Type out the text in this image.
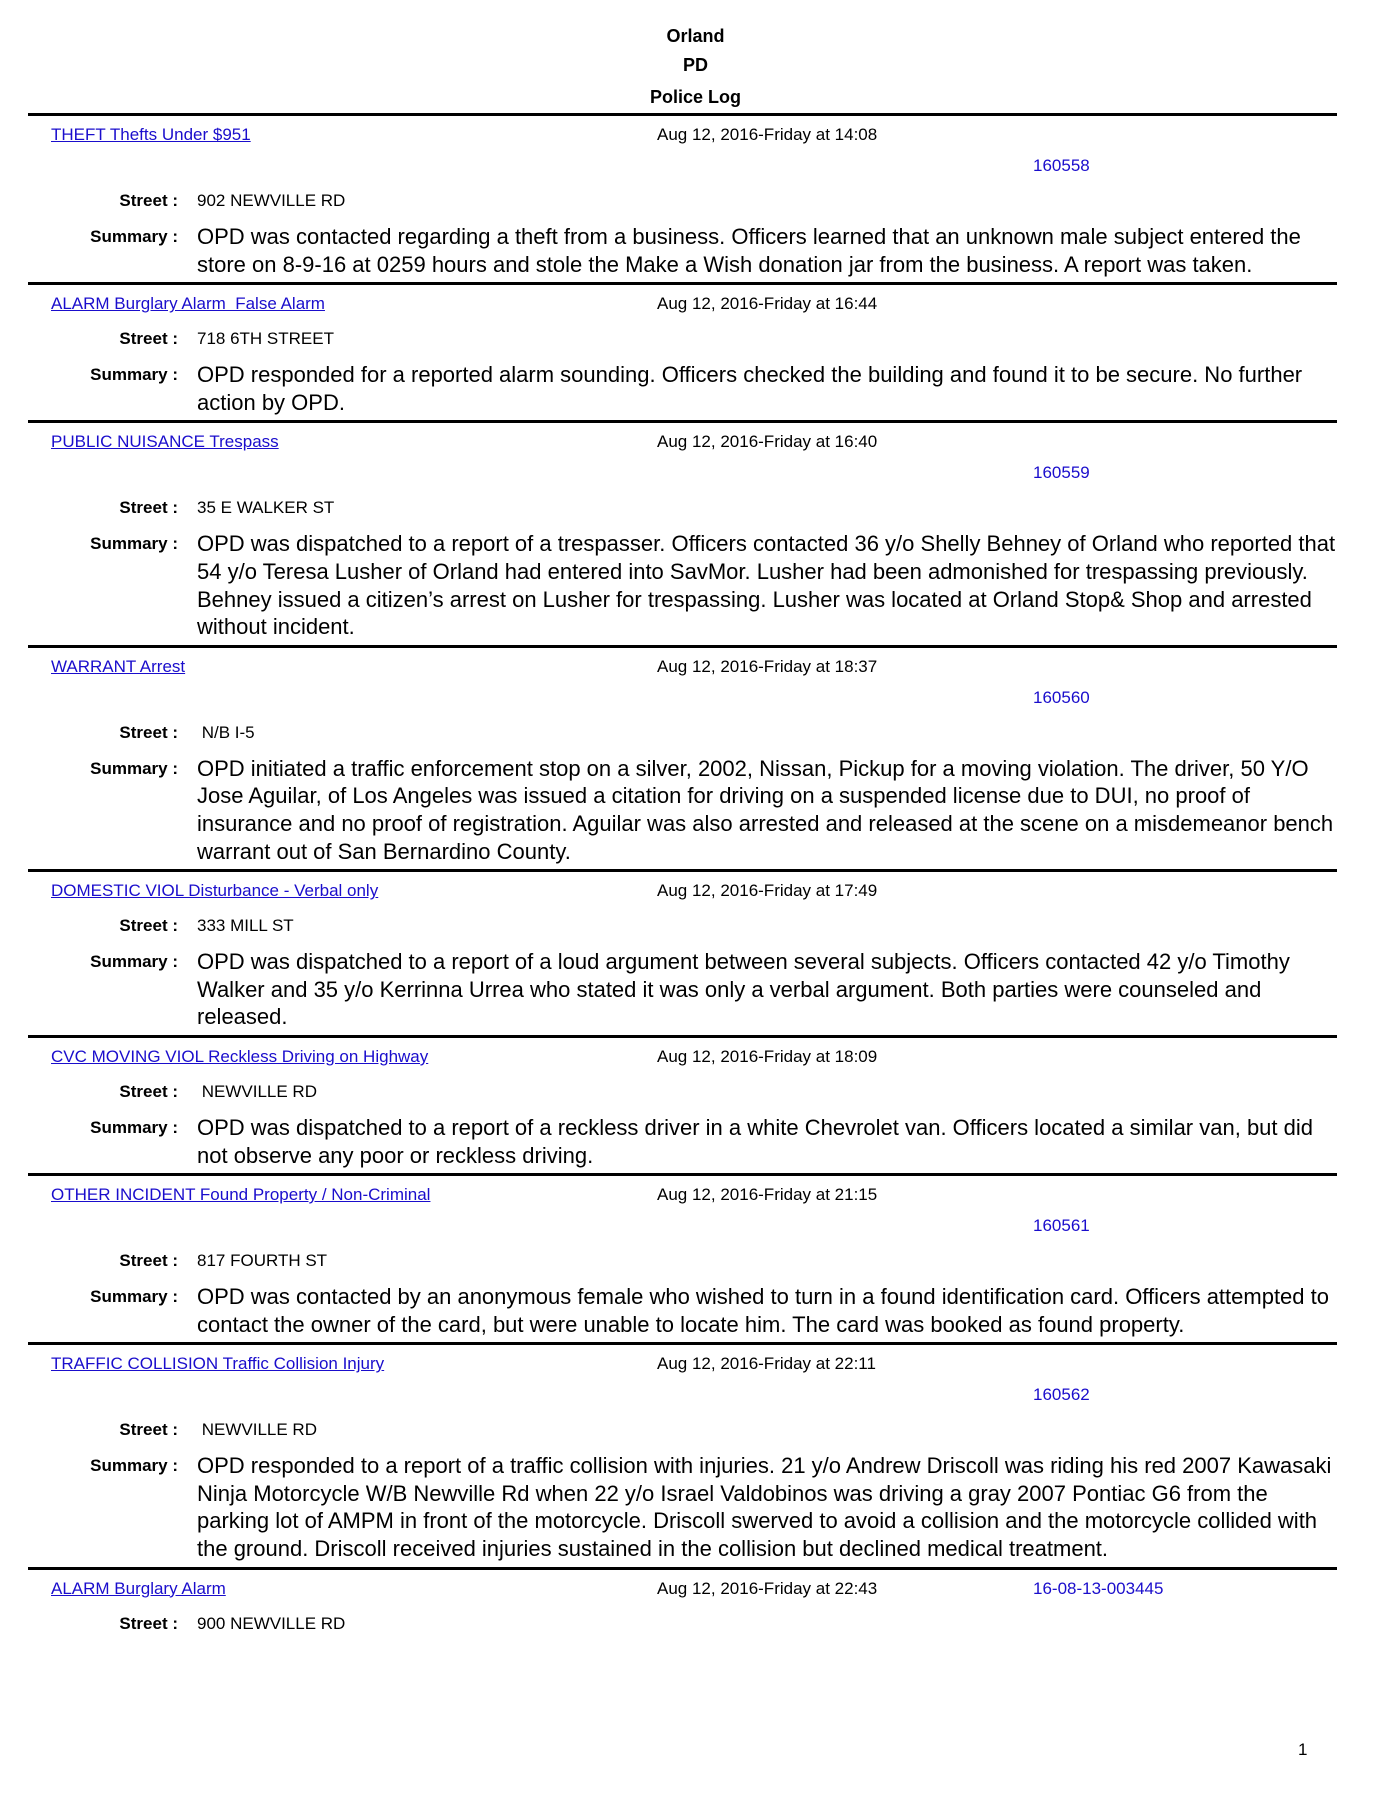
Orland
PD
Police Log
THEFT Thefts Under $951	Aug 12, 2016-Friday at 14:08
160558
Street : 902 NEWVILLE RD
Summary : OPD was contacted regarding a theft from a business. Officers learned that an unknown male subject entered the store on 8-9-16 at 0259 hours and stole the Make a Wish donation jar from the business. A report was taken.
ALARM Burglary Alarm  False Alarm	Aug 12, 2016-Friday at 16:44
Street : 718 6TH STREET
Summary : OPD responded for a reported alarm sounding. Officers checked the building and found it to be secure. No further action by OPD.
PUBLIC NUISANCE Trespass	Aug 12, 2016-Friday at 16:40
160559
Street : 35 E WALKER ST
Summary : OPD was dispatched to a report of a trespasser. Officers contacted 36 y/o Shelly Behney of Orland who reported that 54 y/o Teresa Lusher of Orland had entered into SavMor. Lusher had been admonished for trespassing previously. Behney issued a citizen’s arrest on Lusher for trespassing. Lusher was located at Orland Stop& Shop and arrested without incident.
WARRANT Arrest	Aug 12, 2016-Friday at 18:37
160560
Street : N/B I-5
Summary : OPD initiated a traffic enforcement stop on a silver, 2002, Nissan, Pickup for a moving violation. The driver, 50 Y/O Jose Aguilar, of Los Angeles was issued a citation for driving on a suspended license due to DUI, no proof of insurance and no proof of registration. Aguilar was also arrested and released at the scene on a misdemeanor bench warrant out of San Bernardino County.
DOMESTIC VIOL Disturbance - Verbal only	Aug 12, 2016-Friday at 17:49
Street : 333 MILL ST
Summary : OPD was dispatched to a report of a loud argument between several subjects. Officers contacted 42 y/o Timothy Walker and 35 y/o Kerrinna Urrea who stated it was only a verbal argument. Both parties were counseled and released.
CVC MOVING VIOL Reckless Driving on Highway	Aug 12, 2016-Friday at 18:09
Street : NEWVILLE RD
Summary : OPD was dispatched to a report of a reckless driver in a white Chevrolet van. Officers located a similar van, but did not observe any poor or reckless driving.
OTHER INCIDENT Found Property / Non-Criminal	Aug 12, 2016-Friday at 21:15
160561
Street : 817 FOURTH ST
Summary : OPD was contacted by an anonymous female who wished to turn in a found identification card. Officers attempted to contact the owner of the card, but were unable to locate him. The card was booked as found property.
TRAFFIC COLLISION Traffic Collision Injury	Aug 12, 2016-Friday at 22:11
160562
Street : NEWVILLE RD
Summary : OPD responded to a report of a traffic collision with injuries. 21 y/o Andrew Driscoll was riding his red 2007 Kawasaki Ninja Motorcycle W/B Newville Rd when 22 y/o Israel Valdobinos was driving a gray 2007 Pontiac G6 from the parking lot of AMPM in front of the motorcycle. Driscoll swerved to avoid a collision and the motorcycle collided with the ground. Driscoll received injuries sustained in the collision but declined medical treatment.
ALARM Burglary Alarm	Aug 12, 2016-Friday at 22:43	16-08-13-003445
Street : 900 NEWVILLE RD
1
